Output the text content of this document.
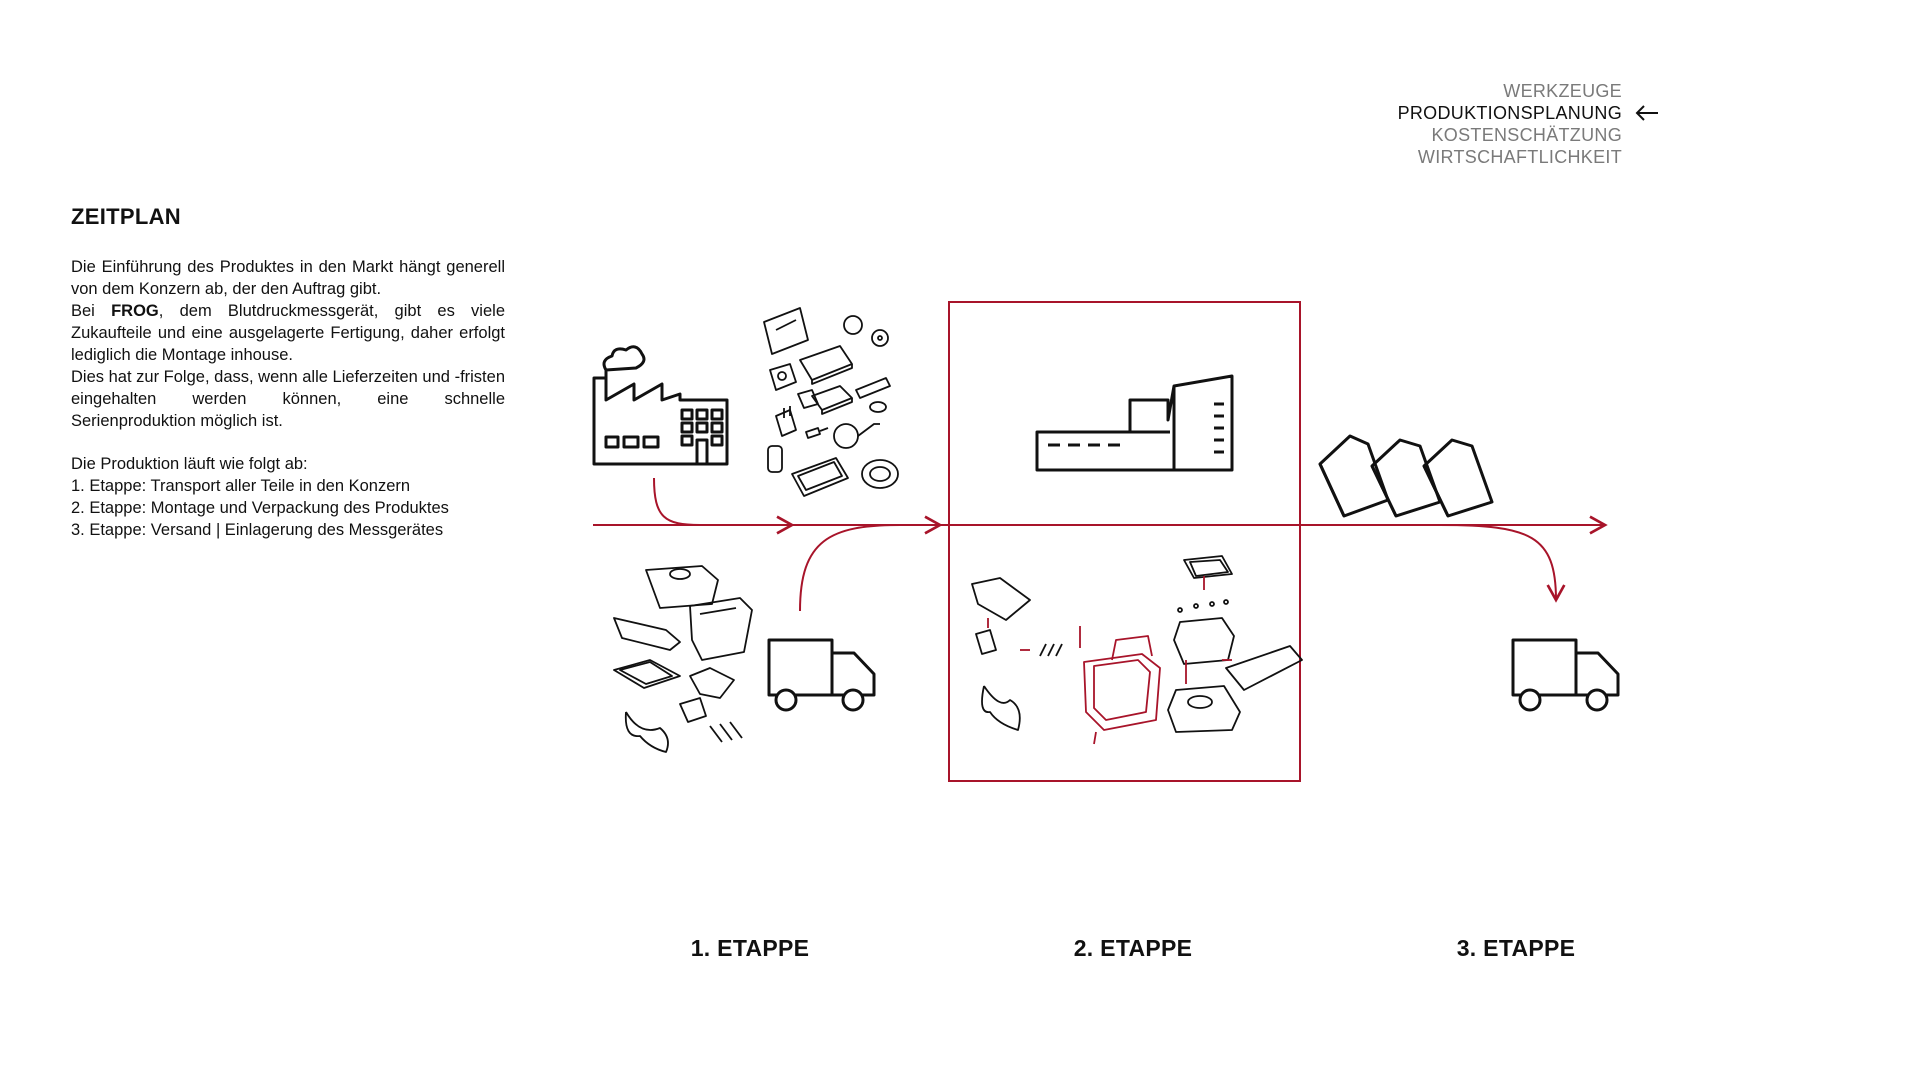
WERKZEUGE
PRODUKTIONSPLANUNG
KOSTENSCHÄTZUNG
WIRTSCHAFTLICHKEIT
ZEITPLAN

Die Einführung des Produktes in den Markt hängt generell von dem Konzern ab, der den Auftrag gibt.

Bei FROG, dem Blutdruckmessgerät, gibt es viele Zukaufteile und eine ausgelagerte Fertigung, daher erfolgt lediglich die Montage inhouse.

Dies hat zur Folge, dass, wenn alle Lieferzeiten und -fristen eingehalten werden können, eine schnelle Serienproduktion möglich ist.

Die Produktion läuft wie folgt ab:
1. Etappe: Transport aller Teile in den Konzern
2. Etappe: Montage und Verpackung des Produktes
3. Etappe: Versand | Einlagerung des Messgerätes
1. ETAPPE	2. ETAPPE	3. ETAPPE
